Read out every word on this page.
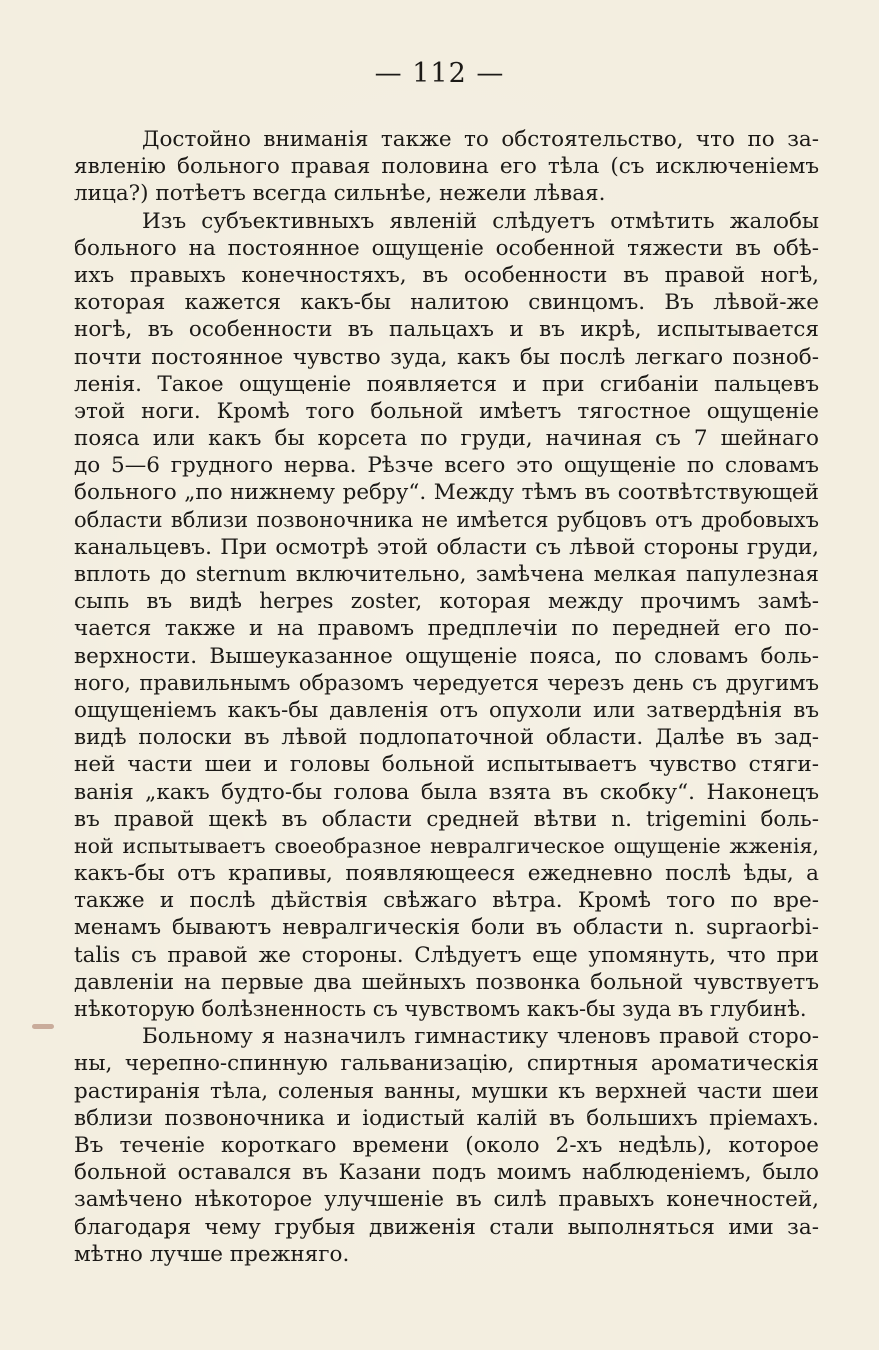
— 112 —
Достойно вниманія также то обстоятельство, что по за-
явленію больного правая половина его тѣла (съ исключеніемъ
лица?) потѣетъ всегда сильнѣе, нежели лѣвая.
Изъ субъективныхъ явленій слѣдуетъ отмѣтить жалобы
больного на постоянное ощущеніе особенной тяжести въ обѣ-
ихъ правыхъ конечностяхъ, въ особенности въ правой ногѣ,
которая кажется какъ-бы налитою свинцомъ. Въ лѣвой-же
ногѣ, въ особенности въ пальцахъ и въ икрѣ, испытывается
почти постоянное чувство зуда, какъ бы послѣ легкаго позноб-
ленія. Такое ощущеніе появляется и при сгибаніи пальцевъ
этой ноги. Кромѣ того больной имѣетъ тягостное ощущеніе
пояса или какъ бы корсета по груди, начиная съ 7 шейнаго
до 5—6 грудного нерва. Рѣзче всего это ощущеніе по словамъ
больного „по нижнему ребру“. Между тѣмъ въ соотвѣтствующей
области вблизи позвоночника не имѣется рубцовъ отъ дробовыхъ
канальцевъ. При осмотрѣ этой области съ лѣвой стороны груди,
вплоть до sternum включительно, замѣчена мелкая папулезная
сыпь въ видѣ herpes zoster, которая между прочимъ замѣ-
чается также и на правомъ предплечіи по передней его по-
верхности. Вышеуказанное ощущеніе пояса, по словамъ боль-
ного, правильнымъ образомъ чередуется черезъ день съ другимъ
ощущеніемъ какъ-бы давленія отъ опухоли или затвердѣнія въ
видѣ полоски въ лѣвой подлопаточной области. Далѣе въ зад-
ней части шеи и головы больной испытываетъ чувство стяги-
ванія „какъ будто-бы голова была взята въ скобку“. Наконецъ
въ правой щекѣ въ области средней вѣтви n. trigemini боль-
ной испытываетъ своеобразное невралгическое ощущеніе жженія,
какъ-бы отъ крапивы, появляющееся ежедневно послѣ ѣды, а
также и послѣ дѣйствія свѣжаго вѣтра. Кромѣ того по вре-
менамъ бываютъ невралгическія боли въ области n. supraorbi-
talis съ правой же стороны. Слѣдуетъ еще упомянуть, что при
давленіи на первые два шейныхъ позвонка больной чувствуетъ
нѣкоторую болѣзненность съ чувствомъ какъ-бы зуда въ глубинѣ.
Больному я назначилъ гимнастику членовъ правой сторо-
ны, черепно-спинную гальванизацію, спиртныя ароматическія
растиранія тѣла, соленыя ванны, мушки къ верхней части шеи
вблизи позвоночника и іодистый калій въ большихъ пріемахъ.
Въ теченіе короткаго времени (около 2-хъ недѣль), которое
больной оставался въ Казани подъ моимъ наблюденіемъ, было
замѣчено нѣкоторое улучшеніе въ силѣ правыхъ конечностей,
благодаря чему грубыя движенія стали выполняться ими за-
мѣтно лучше прежняго.
